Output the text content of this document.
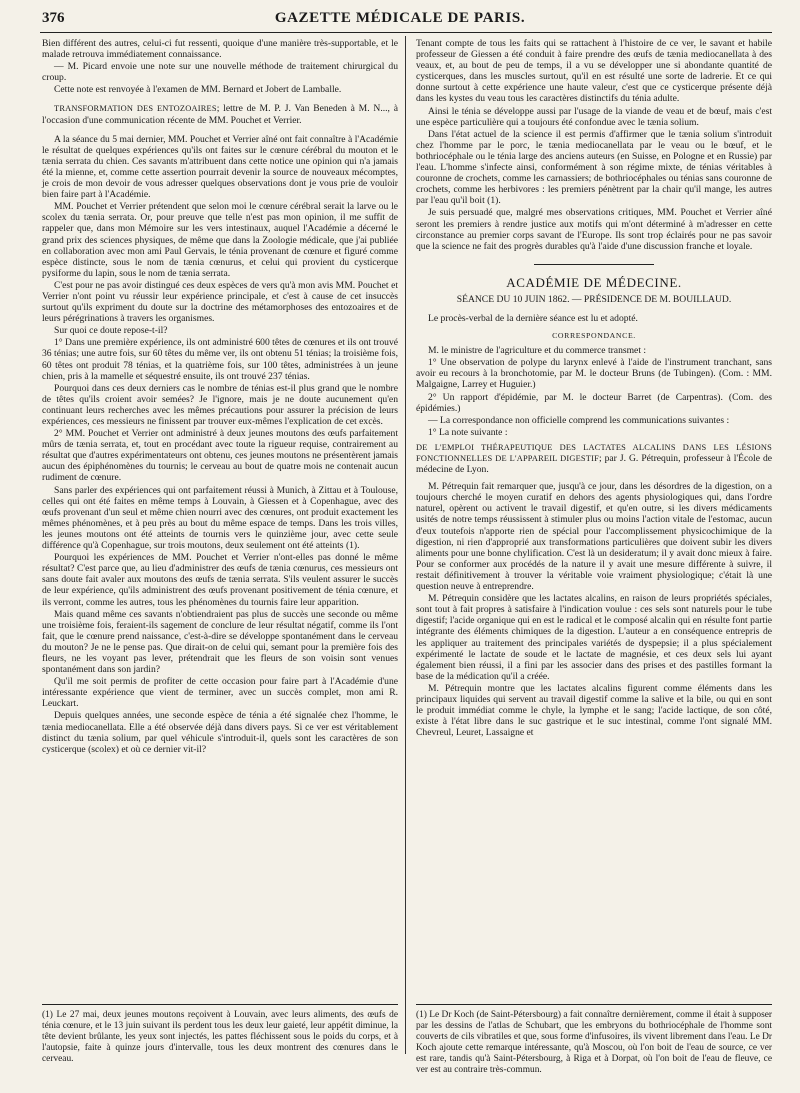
376	GAZETTE MÉDICALE DE PARIS.

Bien différent des autres, celui-ci fut ressenti, quoique d'une manière très-supportable, et le malade retrouva immédiatement connaissance.

— M. Picard envoie une note sur une nouvelle méthode de traitement chirurgical du croup.

Cette note est renvoyée à l'examen de MM. Bernard et Jobert de Lamballe.

TRANSFORMATION DES ENTOZOAIRES; lettre de M. P. J. Van Beneden à M. N..., à l'occasion d'une communication récente de MM. Pouchet et Verrier.

A la séance du 5 mai dernier, MM. Pouchet et Verrier aîné ont fait connaître à l'Académie le résultat de quelques expériences qu'ils ont faites sur le cœnure cérébral du mouton et le tænia serrata du chien. Ces savants m'attribuent dans cette notice une opinion qui n'a jamais été la mienne, et, comme cette assertion pourrait devenir la source de nouveaux mécomptes, je crois de mon devoir de vous adresser quelques observations dont je vous prie de vouloir bien faire part à l'Académie.

MM. Pouchet et Verrier prétendent que selon moi le cœnure cérébral serait la larve ou le scolex du tænia serrata. Or, pour preuve que telle n'est pas mon opinion, il me suffit de rappeler que, dans mon Mémoire sur les vers intestinaux, auquel l'Académie a décerné le grand prix des sciences physiques, de même que dans la Zoologie médicale, que j'ai publiée en collaboration avec mon ami Paul Gervais, le ténia provenant de cœnure et figuré comme espèce distincte, sous le nom de tænia cœnurus, et celui qui provient du cysticerque pysiforme du lapin, sous le nom de tænia serrata.

C'est pour ne pas avoir distingué ces deux espèces de vers qu'à mon avis MM. Pouchet et Verrier n'ont point vu réussir leur expérience principale, et c'est à cause de cet insuccès surtout qu'ils expriment du doute sur la doctrine des métamorphoses des entozoaires et de leurs pérégrinations à travers les organismes.

Sur quoi ce doute repose-t-il?

1° Dans une première expérience, ils ont administré 600 têtes de cœnures et ils ont trouvé 36 ténias; une autre fois, sur 60 têtes du même ver, ils ont obtenu 51 ténias; la troisième fois, 60 têtes ont produit 78 ténias, et la quatrième fois, sur 100 têtes, administrées à un jeune chien, pris à la mamelle et séquestré ensuite, ils ont trouvé 237 ténias.

Pourquoi dans ces deux derniers cas le nombre de ténias est-il plus grand que le nombre de têtes qu'ils croient avoir semées? Je l'ignore, mais je ne doute aucunement qu'en continuant leurs recherches avec les mêmes précautions pour assurer la précision de leurs expériences, ces messieurs ne finissent par trouver eux-mêmes l'explication de cet excès.

2° MM. Pouchet et Verrier ont administré à deux jeunes moutons des œufs parfaitement mûrs de tænia serrata, et, tout en procédant avec toute la rigueur requise, contrairement au résultat que d'autres expérimentateurs ont obtenu, ces jeunes moutons ne présentèrent jamais aucun des épiphénomènes du tournis; le cerveau au bout de quatre mois ne contenait aucun rudiment de cœnure.

Sans parler des expériences qui ont parfaitement réussi à Munich, à Zittau et à Toulouse, celles qui ont été faites en même temps à Louvain, à Giessen et à Copenhague, avec des œufs provenant d'un seul et même chien nourri avec des cœnures, ont produit exactement les mêmes phénomènes, et à peu près au bout du même espace de temps. Dans les trois villes, les jeunes moutons ont été atteints de tournis vers le quinzième jour, avec cette seule différence qu'à Copenhague, sur trois moutons, deux seulement ont été atteints (1).

Pourquoi les expériences de MM. Pouchet et Verrier n'ont-elles pas donné le même résultat? C'est parce que, au lieu d'administrer des œufs de tænia cœnurus, ces messieurs ont sans doute fait avaler aux moutons des œufs de tænia serrata. S'ils veulent assurer le succès de leur expérience, qu'ils administrent des œufs provenant positivement de ténia cœnure, et ils verront, comme les autres, tous les phénomènes du tournis faire leur apparition.

Mais quand même ces savants n'obtiendraient pas plus de succès une seconde ou même une troisième fois, feraient-ils sagement de conclure de leur résultat négatif, comme ils l'ont fait, que le cœnure prend naissance, c'est-à-dire se développe spontanément dans le cerveau du mouton? Je ne le pense pas. Que dirait-on de celui qui, semant pour la première fois des fleurs, ne les voyant pas lever, prétendrait que les fleurs de son voisin sont venues spontanément dans son jardin?

Qu'il me soit permis de profiter de cette occasion pour faire part à l'Académie d'une intéressante expérience que vient de terminer, avec un succès complet, mon ami R. Leuckart.

Depuis quelques années, une seconde espèce de ténia a été signalée chez l'homme, le tænia mediocanellata. Elle a été observée déjà dans divers pays. Si ce ver est véritablement distinct du tænia solium, par quel véhicule s'introduit-il, quels sont les caractères de son cysticerque (scolex) et où ce dernier vit-il?

Tenant compte de tous les faits qui se rattachent à l'histoire de ce ver, le savant et habile professeur de Giessen a été conduit à faire prendre des œufs de tænia mediocanellata à des veaux, et, au bout de peu de temps, il a vu se développer une si abondante quantité de cysticerques, dans les muscles surtout, qu'il en est résulté une sorte de ladrerie. Et ce qui donne surtout à cette expérience une haute valeur, c'est que ce cysticerque présente déjà dans les kystes du veau tous les caractères distinctifs du ténia adulte.

Ainsi le ténia se développe aussi par l'usage de la viande de veau et de bœuf, mais c'est une espèce particulière qui a toujours été confondue avec le tænia solium.

Dans l'état actuel de la science il est permis d'affirmer que le tænia solium s'introduit chez l'homme par le porc, le tænia mediocanellata par le veau ou le bœuf, et le bothriocéphale ou le ténia large des anciens auteurs (en Suisse, en Pologne et en Russie) par l'eau. L'homme s'infecte ainsi, conformément à son régime mixte, de ténias véritables à couronne de crochets, comme les carnassiers; de bothriocéphales ou ténias sans couronne de crochets, comme les herbivores : les premiers pénètrent par la chair qu'il mange, les autres par l'eau qu'il boit (1).

Je suis persuadé que, malgré mes observations critiques, MM. Pouchet et Verrier aîné seront les premiers à rendre justice aux motifs qui m'ont déterminé à m'adresser en cette circonstance au premier corps savant de l'Europe. Ils sont trop éclairés pour ne pas savoir que la science ne fait des progrès durables qu'à l'aide d'une discussion franche et loyale.

ACADÉMIE DE MÉDECINE.
SÉANCE DU 10 JUIN 1862. — PRÉSIDENCE DE M. BOUILLAUD.

Le procès-verbal de la dernière séance est lu et adopté.

CORRESPONDANCE.

M. le ministre de l'agriculture et du commerce transmet :

1° Une observation de polype du larynx enlevé à l'aide de l'instrument tranchant, sans avoir eu recours à la bronchotomie, par M. le docteur Bruns (de Tubingen). (Com. : MM. Malgaigne, Larrey et Huguier.)

2° Un rapport d'épidémie, par M. le docteur Barret (de Carpentras). (Com. des épidémies.)

— La correspondance non officielle comprend les communications suivantes :

1° La note suivante :

DE L'EMPLOI THÉRAPEUTIQUE DES LACTATES ALCALINS DANS LES LÉSIONS FONCTIONNELLES DE L'APPAREIL DIGESTIF; par J. G. Pétrequin, professeur à l'École de médecine de Lyon.

M. Pétrequin fait remarquer que, jusqu'à ce jour, dans les désordres de la digestion, on a toujours cherché le moyen curatif en dehors des agents physiologiques qui, dans l'ordre naturel, opèrent ou activent le travail digestif, et qu'en outre, si les divers médicaments usités de notre temps réussissent à stimuler plus ou moins l'action vitale de l'estomac, aucun d'eux toutefois n'apporte rien de spécial pour l'accomplissement physicochimique de la digestion, ni rien d'approprié aux transformations particulières que doivent subir les divers aliments pour une bonne chylification. C'est là un desideratum; il y avait donc mieux à faire. Pour se conformer aux procédés de la nature il y avait une mesure différente à suivre, il restait définitivement à trouver la véritable voie vraiment physiologique; c'était là une question neuve à entreprendre.

M. Pétrequin considère que les lactates alcalins, en raison de leurs propriétés spéciales, sont tout à fait propres à satisfaire à l'indication voulue : ces sels sont naturels pour le tube digestif; l'acide organique qui en est le radical et le composé alcalin qui en résulte font partie intégrante des éléments chimiques de la digestion. L'auteur a en conséquence entrepris de les appliquer au traitement des principales variétés de dyspepsie; il a plus spécialement expérimenté le lactate de soude et le lactate de magnésie, et ces deux sels lui ayant également bien réussi, il a fini par les associer dans des prises et des pastilles formant la base de la médication qu'il a créée.

M. Pétrequin montre que les lactates alcalins figurent comme éléments dans les principaux liquides qui servent au travail digestif comme la salive et la bile, ou qui en sont le produit immédiat comme le chyle, la lymphe et le sang; l'acide lactique, de son côté, existe à l'état libre dans le suc gastrique et le suc intestinal, comme l'ont signalé MM. Chevreul, Leuret, Lassaigne et

(1) Le 27 mai, deux jeunes moutons reçoivent à Louvain, avec leurs aliments, des œufs de ténia cœnure, et le 13 juin suivant ils perdent tous les deux leur gaieté, leur appétit diminue, la tête devient brûlante, les yeux sont injectés, les pattes fléchissent sous le poids du corps, et à l'autopsie, faite à quinze jours d'intervalle, tous les deux montrent des cœnures dans le cerveau.

(1) Le Dr Koch (de Saint-Pétersbourg) a fait connaître dernièrement, comme il était à supposer par les dessins de l'atlas de Schubart, que les embryons du bothriocéphale de l'homme sont couverts de cils vibratiles et que, sous forme d'infusoires, ils vivent librement dans l'eau. Le Dr Koch ajoute cette remarque intéressante, qu'à Moscou, où l'on boit de l'eau de source, ce ver est rare, tandis qu'à Saint-Pétersbourg, à Riga et à Dorpat, où l'on boit de l'eau de fleuve, ce ver est au contraire très-commun.
